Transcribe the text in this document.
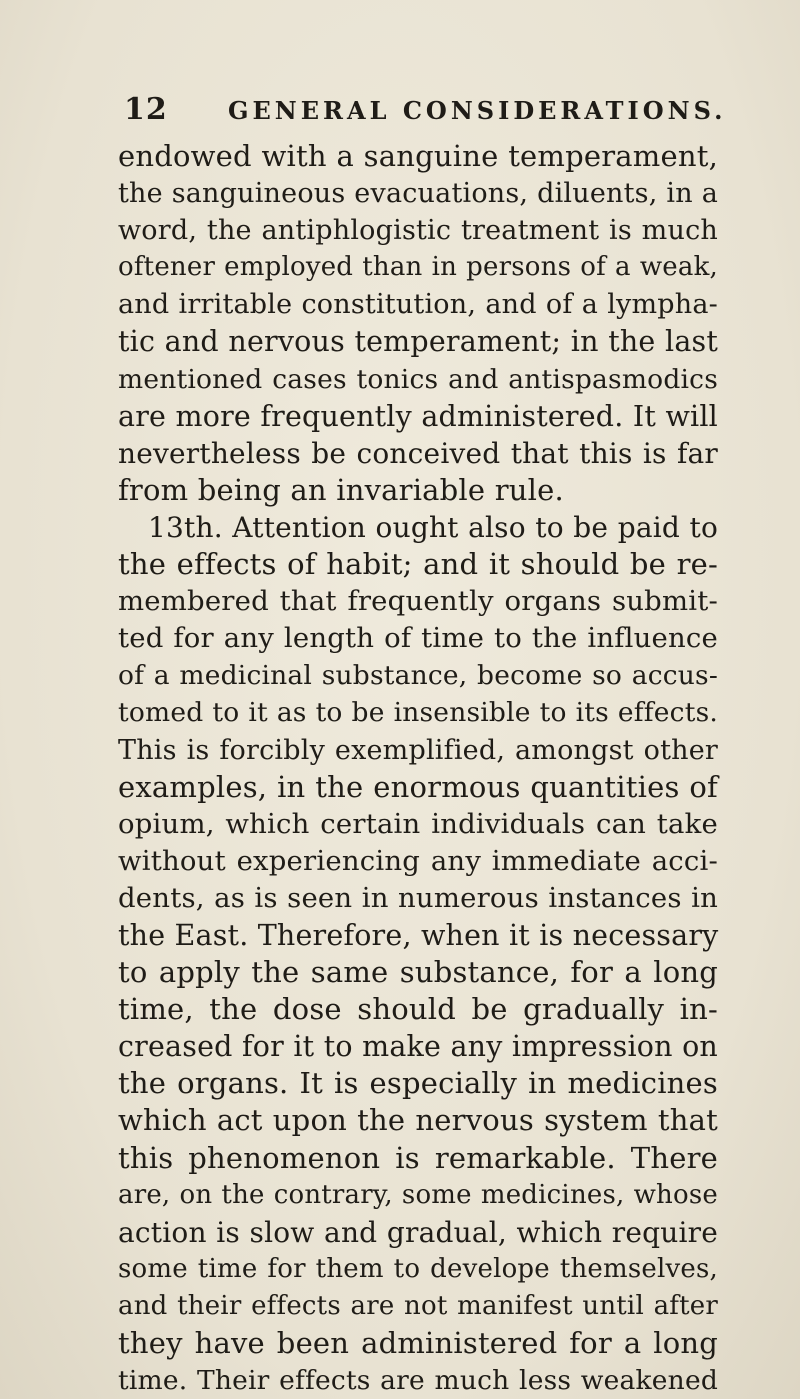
12	GENERAL CONSIDERATIONS.
endowed with a sanguine temperament,
the sanguineous evacuations, diluents, in a
word, the antiphlogistic treatment is much
oftener employed than in persons of a weak,
and irritable constitution, and of a lympha-
tic and nervous temperament; in the last
mentioned cases tonics and antispasmodics
are more frequently administered. It will
nevertheless be conceived that this is far
from being an invariable rule.
13th. Attention ought also to be paid to
the effects of habit; and it should be re-
membered that frequently organs submit-
ted for any length of time to the influence
of a medicinal substance, become so accus-
tomed to it as to be insensible to its effects.
This is forcibly exemplified, amongst other
examples, in the enormous quantities of
opium, which certain individuals can take
without experiencing any immediate acci-
dents, as is seen in numerous instances in
the East. Therefore, when it is necessary
to apply the same substance, for a long
time, the dose should be gradually in-
creased for it to make any impression on
the organs. It is especially in medicines
which act upon the nervous system that
this phenomenon is remarkable. There
are, on the contrary, some medicines, whose
action is slow and gradual, which require
some time for them to develope themselves,
and their effects are not manifest until after
they have been administered for a long
time. Their effects are much less weakened
